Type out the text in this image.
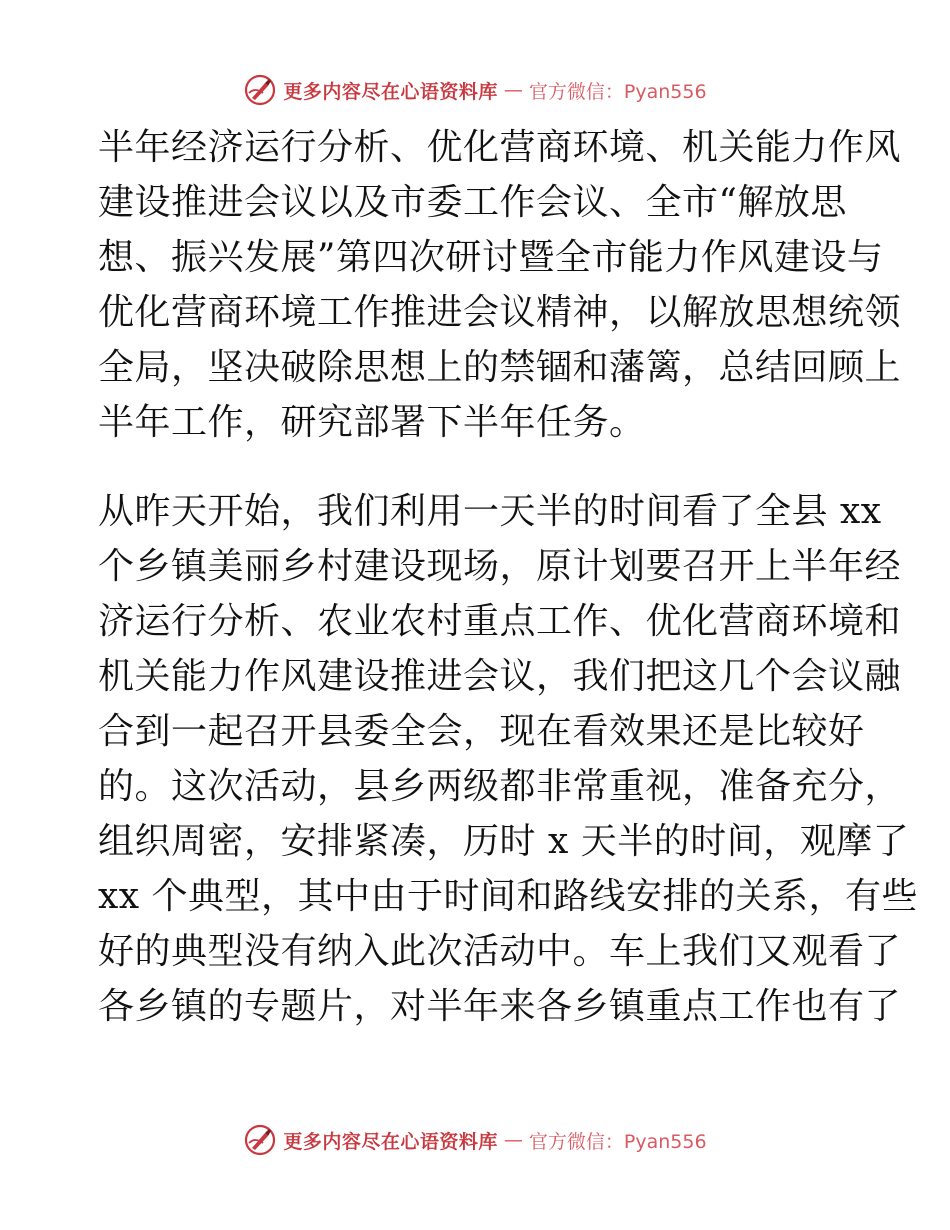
更多内容尽在心语资料库 — 官方微信：Pyan556
半年经济运行分析、优化营商环境、机关能力作风
建设推进会议以及市委工作会议、全市“解放思
想、振兴发展”第四次研讨暨全市能力作风建设与
优化营商环境工作推进会议精神，以解放思想统领
全局，坚决破除思想上的禁锢和藩篱，总结回顾上
半年工作，研究部署下半年任务。
从昨天开始，我们利用一天半的时间看了全县 xx
个乡镇美丽乡村建设现场，原计划要召开上半年经
济运行分析、农业农村重点工作、优化营商环境和
机关能力作风建设推进会议，我们把这几个会议融
合到一起召开县委全会，现在看效果还是比较好
的。这次活动，县乡两级都非常重视，准备充分，
组织周密，安排紧凑，历时 x 天半的时间，观摩了
xx 个典型，其中由于时间和路线安排的关系，有些
好的典型没有纳入此次活动中。车上我们又观看了
各乡镇的专题片，对半年来各乡镇重点工作也有了
更多内容尽在心语资料库 — 官方微信：Pyan556
